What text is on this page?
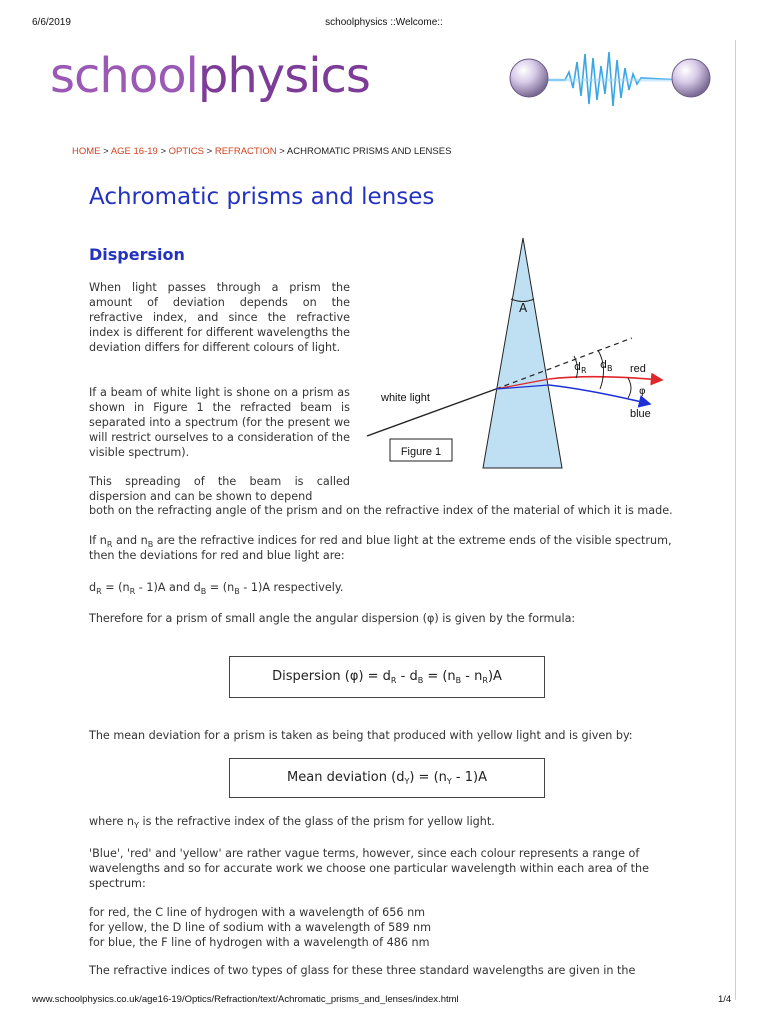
6/6/2019	schoolphysics ::Welcome::
schoolphysics
HOME > AGE 16-19 > OPTICS > REFRACTION > ACHROMATIC PRISMS AND LENSES
Achromatic prisms and lenses
Dispersion

When light passes through a prism the amount of deviation depends on the refractive index, and since the refractive index is different for different wavelengths the deviation differs for different colours of light.

If a beam of white light is shone on a prism as shown in Figure 1 the refracted beam is separated into a spectrum (for the present we will restrict ourselves to a consideration of the visible spectrum).

This spreading of the beam is called dispersion and can be shown to depend

both on the refracting angle of the prism and on the refractive index of the material of which it is made.

If $n_R$ and $n_B$ are the refractive indices for red and blue light at the extreme ends of the visible spectrum, then the deviations for red and blue light are:

$d_R = (n_R - 1)A$ and $d_B = (n_B - 1)A$ respectively.

Therefore for a prism of small angle the angular dispersion (φ) is given by the formula:

Dispersion $(\varphi) = d_R - d_B = (n_B - n_R)A$

The mean deviation for a prism is taken as being that produced with yellow light and is given by:

Mean deviation $(d_Y) = (n_Y - 1)A$

where $n_Y$ is the refractive index of the glass of the prism for yellow light.

'Blue', 'red' and 'yellow' are rather vague terms, however, since each colour represents a range of wavelengths and so for accurate work we choose one particular wavelength within each area of the spectrum:

for red, the C line of hydrogen with a wavelength of 656 nm
for yellow, the D line of sodium with a wavelength of 589 nm
for blue, the F line of hydrogen with a wavelength of 486 nm

The refractive indices of two types of glass for these three standard wavelengths are given in the

A
$d_R$ $d_B$ red
φ
blue
white light
Figure 1
www.schoolphysics.co.uk/age16-19/Optics/Refraction/text/Achromatic_prisms_and_lenses/index.html	1/4
